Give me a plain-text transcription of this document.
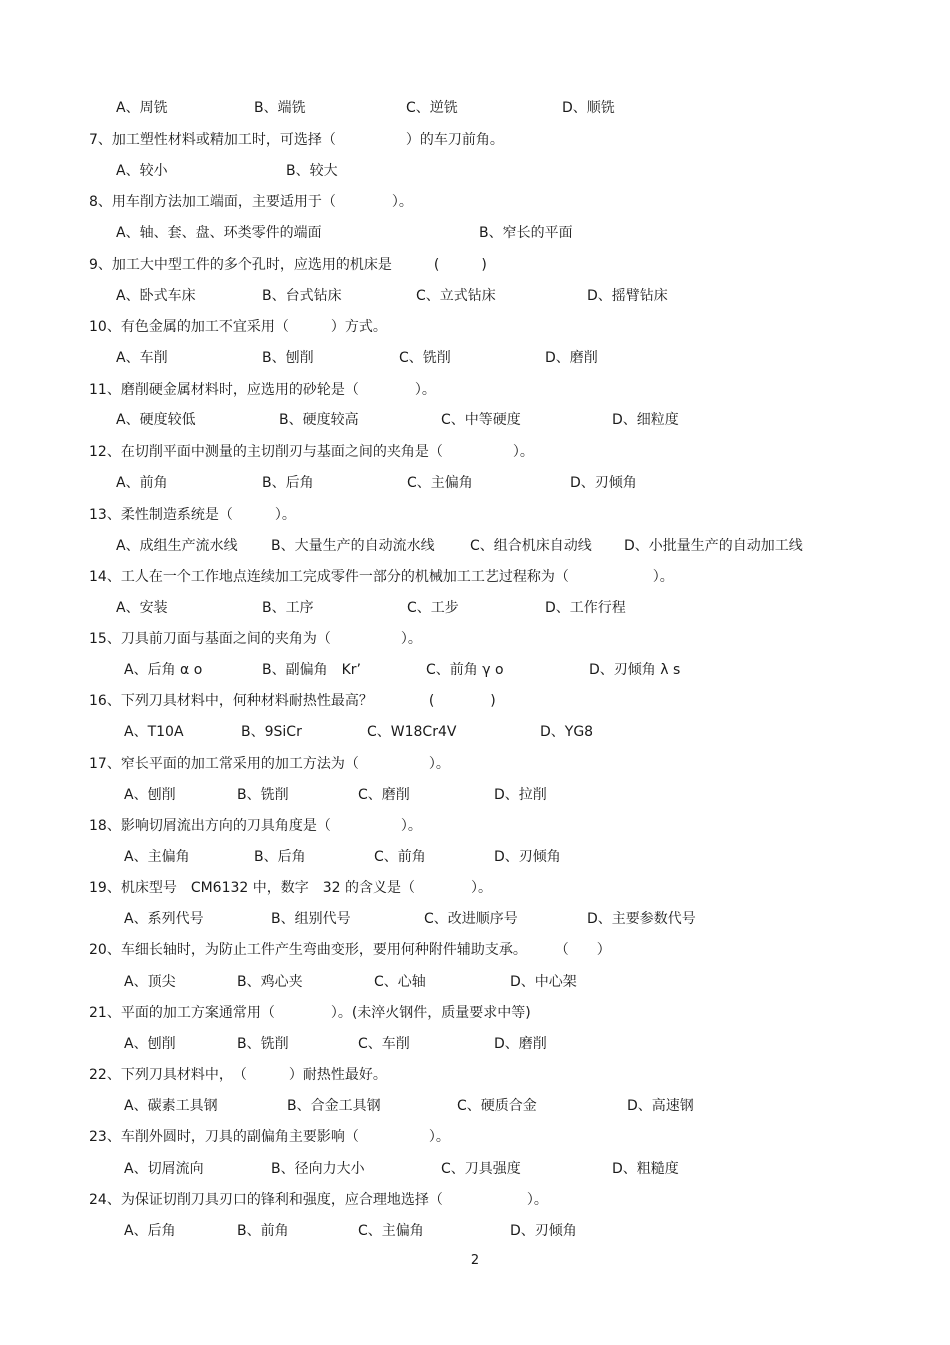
A、周铣	B、端铣	C、逆铣	D、顺铣
7、加工塑性材料或精加工时，可选择（　　　　　）的车刀前角。
A、较小	B、较大
8、用车削方法加工端面，主要适用于（　　　　）。
A、轴、套、盘、环类零件的端面	B、窄长的平面
9、加工大中型工件的多个孔时，应选用的机床是　　　(　　　)
A、卧式车床	B、台式钻床	C、立式钻床	D、摇臂钻床
10、有色金属的加工不宜采用（　　　）方式。
A、车削	B、刨削	C、铣削	D、磨削
11、磨削硬金属材料时，应选用的砂轮是（　　　　）。
A、硬度较低	B、硬度较高	C、中等硬度	D、细粒度
12、在切削平面中测量的主切削刃与基面之间的夹角是（　　　　　）。
A、前角	B、后角	C、主偏角	D、刃倾角
13、柔性制造系统是（　　　）。
A、成组生产流水线 B、大量生产的自动流水线	C、组合机床自动线 D、小批量生产的自动加工线
14、工人在一个工作地点连续加工完成零件一部分的机械加工工艺过程称为（　　　　　　）。
A、安装	B、工序	C、工步	D、工作行程
15、刀具前刀面与基面之间的夹角为（　　　　　）。
A、后角 α o	B、副偏角　Kr’	C、前角 γ o	D、刃倾角 λ s
16、下列刀具材料中，何种材料耐热性最高？　　　　(　　　　)
A、T10A	B、9SiCr	C、W18Cr4V	D、YG8
17、窄长平面的加工常采用的加工方法为（　　　　　）。
A、刨削	B、铣削	C、磨削	D、拉削
18、影响切屑流出方向的刀具角度是（　　　　　）。
A、主偏角	B、后角	C、前角	D、刃倾角
19、机床型号　CM6132 中，数字　32 的含义是（　　　　）。
A、系列代号	B、组别代号	C、改进顺序号	D、主要参数代号
20、车细长轴时，为防止工件产生弯曲变形，要用何种附件辅助支承。　　　（　　）
A、顶尖	B、鸡心夹	C、心轴	D、中心架
21、平面的加工方案通常用（　　　　）。(未淬火钢件，质量要求中等)
A、刨削	B、铣削	C、车削	D、磨削
22、下列刀具材料中，　（　　　）耐热性最好。
A、碳素工具钢	B、合金工具钢	C、硬质合金	D、高速钢
23、车削外圆时，刀具的副偏角主要影响（　　　　　）。
A、切屑流向	B、径向力大小	C、刀具强度	D、粗糙度
24、为保证切削刀具刃口的锋利和强度，应合理地选择（　　　　　　）。
A、后角	B、前角	C、主偏角	D、刃倾角
2
